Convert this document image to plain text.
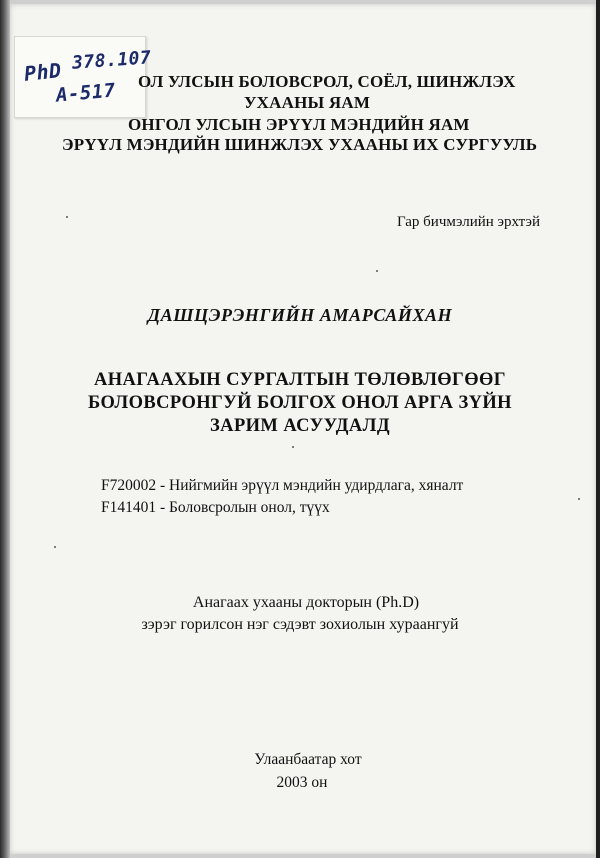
PhD 378.107
A-517 ОЛ УЛСЫН БОЛОВСРОЛ, СОЁЛ, ШИНЖЛЭХ
УХААНЫ ЯАМ
ОНГОЛ УЛСЫН ЭРҮҮЛ МЭНДИЙН ЯАМ
ЭРҮҮЛ МЭНДИЙН ШИНЖЛЭХ УХААНЫ ИХ СУРГУУЛЬ
Гар бичмэлийн эрхтэй
ДАШЦЭРЭНГИЙН АМАРСАЙХАН
АНАГААХЫН СУРГАЛТЫН ТӨЛӨВЛӨГӨӨГ
БОЛОВСРОНГУЙ БОЛГОХ ОНОЛ АРГА ЗҮЙН
ЗАРИМ АСУУДАЛД
F720002 - Нийгмийн эрүүл мэндийн удирдлага, хяналт
F141401 - Боловсролын онол, түүх
Анагаах ухааны докторын (Ph.D)
зэрэг горилсон нэг сэдэвт зохиолын хураангуй
Улаанбаатар хот
2003 он
